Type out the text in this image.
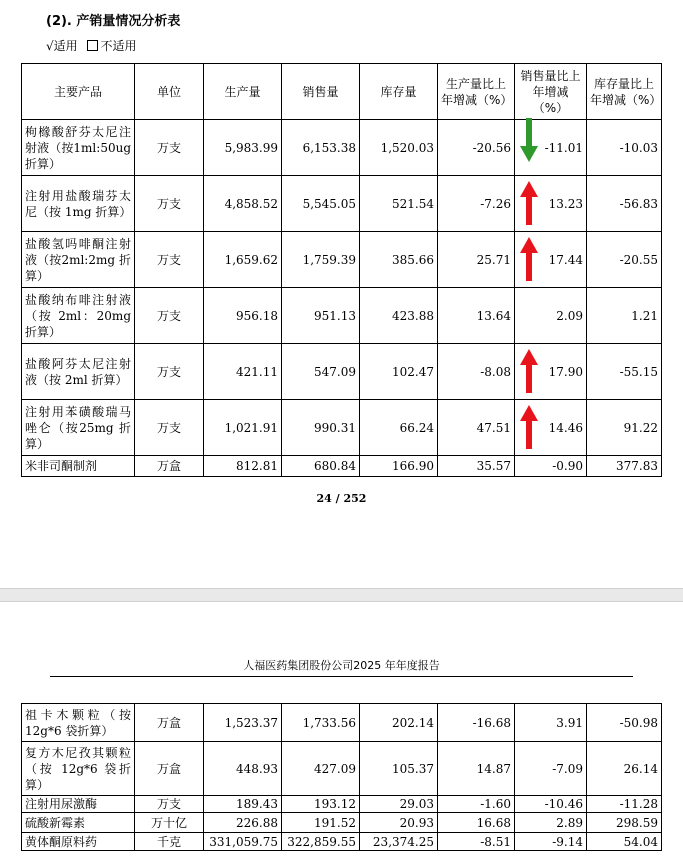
(2). 产销量情况分析表
√适用 不适用
主要产品	单位	生产量	销售量	库存量	生产量比上年增减（%）	销售量比上年增减（%）	库存量比上年增减（%）
枸橼酸舒芬太尼注射液（按1ml:50ug 折算）	万支	5,983.99	6,153.38	1,520.03	-20.56	-11.01	-10.03
注射用盐酸瑞芬太尼（按 1mg 折算）	万支	4,858.52	5,545.05	521.54	-7.26	13.23	-56.83
盐酸氢吗啡酮注射液（按2ml:2mg 折算）	万支	1,659.62	1,759.39	385.66	25.71	17.44	-20.55
盐酸纳布啡注射液（按 2ml：20mg 折算）	万支	956.18	951.13	423.88	13.64	2.09	1.21
盐酸阿芬太尼注射液（按 2ml 折算）	万支	421.11	547.09	102.47	-8.08	17.90	-55.15
注射用苯磺酸瑞马唑仑（按25mg 折算）	万支	1,021.91	990.31	66.24	47.51	14.46	91.22
米非司酮制剂	万盒	812.81	680.84	166.90	35.57	-0.90	377.83
24 / 252
人福医药集团股份公司2025 年年度报告
祖卡木颗粒（按12g*6 袋折算）	万盒	1,523.37	1,733.56	202.14	-16.68	3.91	-50.98
复方木尼孜其颗粒（按 12g*6 袋折算）	万盒	448.93	427.09	105.37	14.87	-7.09	26.14
注射用尿激酶	万支	189.43	193.12	29.03	-1.60	-10.46	-11.28
硫酸新霉素	万十亿	226.88	191.52	20.93	16.68	2.89	298.59
黄体酮原料药	千克	331,059.75	322,859.55	23,374.25	-8.51	-9.14	54.04
